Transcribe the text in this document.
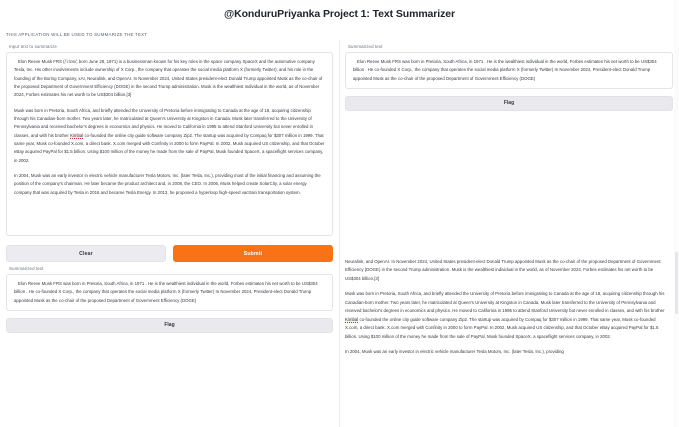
@KonduruPriyanka Project 1: Text Summarizer
THIS APPLICATION WILL BE USED TO SUMMARIZE THE TEXT
Input text to summarize

Elon Reeve Musk FRS (/ˈiːlɒn/; born June 28, 1971) is a businessman known for his key roles in the space company SpaceX and the automotive company Tesla, Inc. His other involvements include ownership of X Corp., the company that operates the social media platform X (formerly Twitter), and his role in the founding of the Boring Company, xAI, Neuralink, and OpenAI. In November 2024, United States president-elect Donald Trump appointed Musk as the co-chair of the proposed Department of Government Efficiency (DOGE) in the second Trump administration. Musk is the wealthiest individual in the world, as of November 2024, Forbes estimates his net worth to be US$304 billion.[3]

Musk was born in Pretoria, South Africa, and briefly attended the University of Pretoria before immigrating to Canada at the age of 18, acquiring citizenship through his Canadian-born mother. Two years later, he matriculated at Queen's University at Kingston in Canada. Musk later transferred to the University of Pennsylvania and received bachelor's degrees in economics and physics. He moved to California in 1995 to attend Stanford University but never enrolled in classes, and with his brother Kimbal co-founded the online city guide software company Zip2. The startup was acquired by Compaq for $307 million in 1999. That same year, Musk co-founded X.com, a direct bank. X.com merged with Confinity in 2000 to form PayPal. In 2002, Musk acquired US citizenship, and that October eBay acquired PayPal for $1.5 billion. Using $100 million of the money he made from the sale of PayPal, Musk founded SpaceX, a spaceflight services company, in 2002.

In 2004, Musk was an early investor in electric vehicle manufacturer Tesla Motors, Inc. (later Tesla, Inc.), providing most of the initial financing and assuming the position of the company's chairman. He later became the product architect and, in 2008, the CEO. In 2006, Musk helped create SolarCity, a solar energy company that was acquired by Tesla in 2016 and became Tesla Energy. In 2013, he proposed a hyperloop high-speed vactrain transportation system.

Clear	Submit
Summarized text

Elon Reeve Musk FRS was born in Pretoria, South Africa, in 1971 . He is the wealthiest individual in the world, Forbes estimates his net worth to be US$304 billion . He co-founded X Corp., the company that operates the social media platform X (formerly Twitter) In November 2024, President-elect Donald Trump appointed Musk as the co-chair of the proposed Department of Government Efficiency (DOGE)

Flag
Summarized text

Elon Reeve Musk FRS was born in Pretoria, South Africa, in 1971 . He is the wealthiest individual in the world, Forbes estimates his net worth to be US$304 billion . He co-founded X Corp., the company that operates the social media platform X (formerly Twitter) In November 2024, President-elect Donald Trump appointed Musk as the co-chair of the proposed Department of Government Efficiency (DOGE)

Flag

Neuralink, and OpenAI. In November 2024, United States president-elect Donald Trump appointed Musk as the co-chair of the proposed Department of Government Efficiency (DOGE) in the second Trump administration. Musk is the wealthiest individual in the world, as of November 2024, Forbes estimates his net worth to be US$304 billion.[3]

Musk was born in Pretoria, South Africa, and briefly attended the University of Pretoria before immigrating to Canada at the age of 18, acquiring citizenship through his Canadian-born mother. Two years later, he matriculated at Queen's University at Kingston in Canada. Musk later transferred to the University of Pennsylvania and received bachelor's degrees in economics and physics. He moved to California in 1995 to attend Stanford University but never enrolled in classes, and with his brother Kimbal co-founded the online city guide software company Zip2. The startup was acquired by Compaq for $307 million in 1999. That same year, Musk co-founded X.com, a direct bank. X.com merged with Confinity in 2000 to form PayPal. In 2002, Musk acquired US citizenship, and that October eBay acquired PayPal for $1.5 billion. Using $100 million of the money he made from the sale of PayPal, Musk founded SpaceX, a spaceflight services company, in 2002.

In 2004, Musk was an early investor in electric vehicle manufacturer Tesla Motors, Inc. (later Tesla, Inc.), providing
